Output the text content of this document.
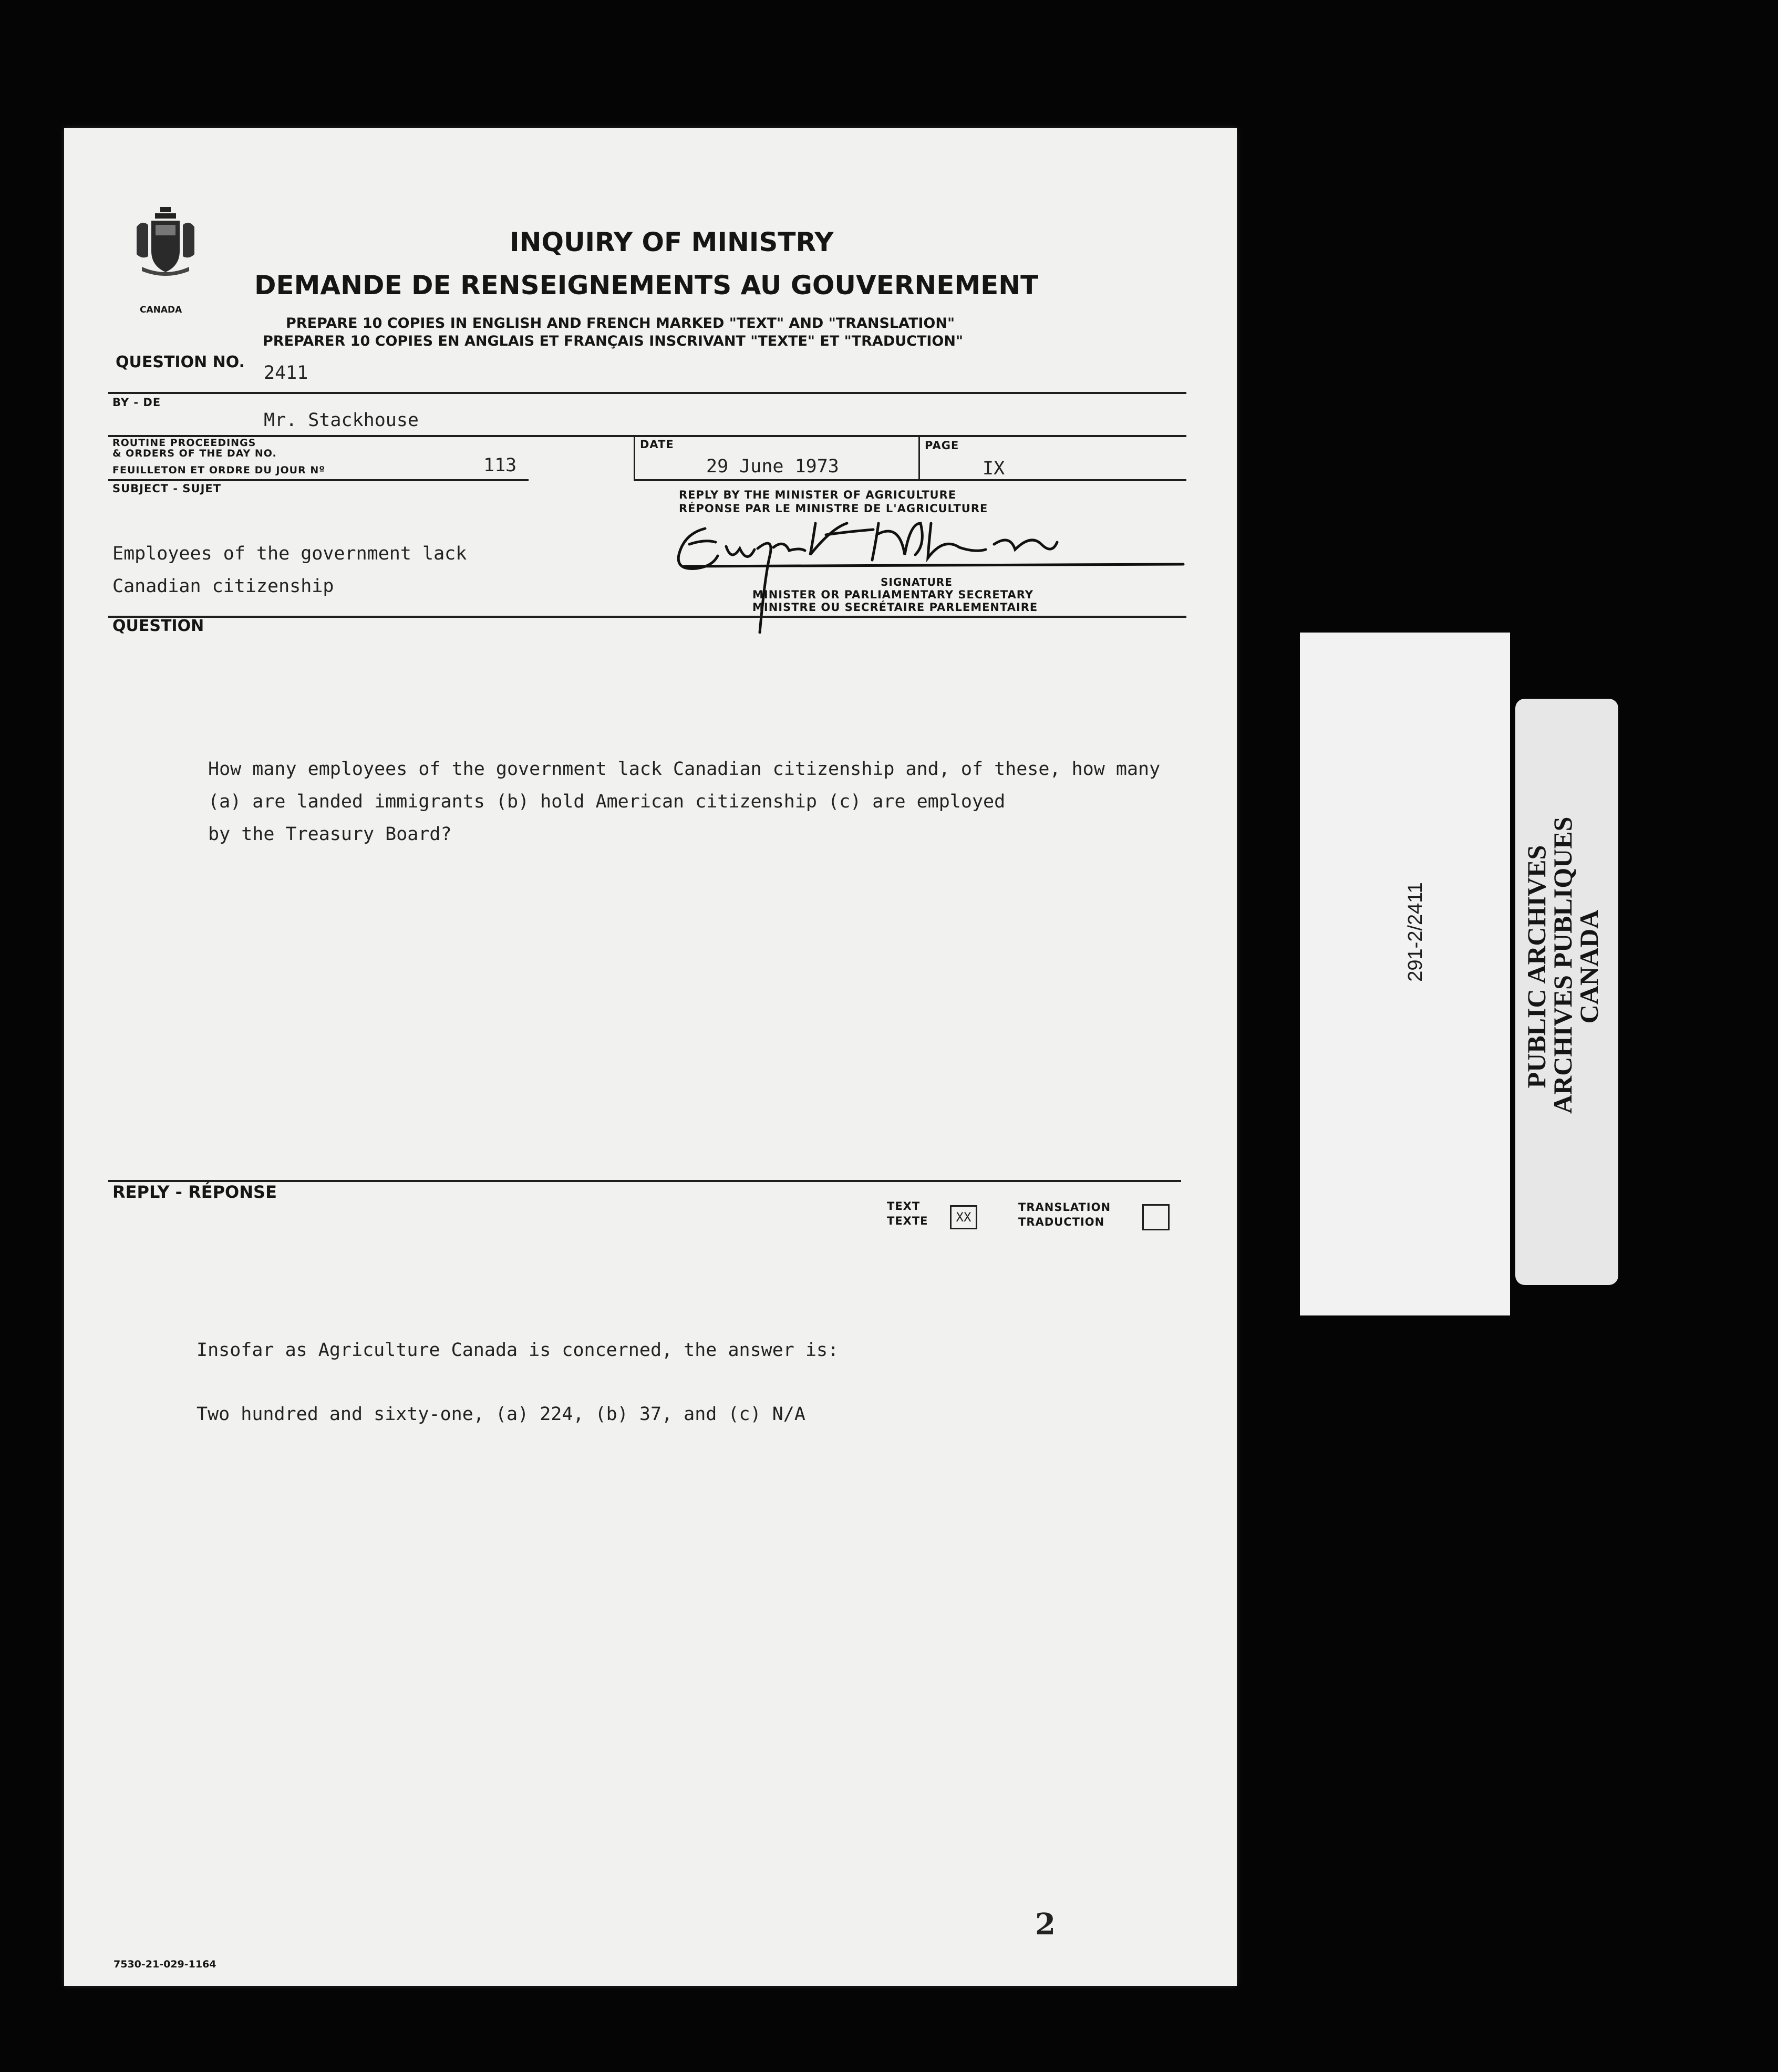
CANADA
INQUIRY OF MINISTRY
DEMANDE DE RENSEIGNEMENTS AU GOUVERNEMENT
PREPARE 10 COPIES IN ENGLISH AND FRENCH MARKED "TEXT" AND "TRANSLATION"
PREPARER 10 COPIES EN ANGLAIS ET FRANÇAIS INSCRIVANT "TEXTE" ET "TRADUCTION"
QUESTION NO.
2411
BY - DE
Mr. Stackhouse
ROUTINE PROCEEDINGS
& ORDERS OF THE DAY NO.
FEUILLETON ET ORDRE DU JOUR Nº	113
DATE
29 June 1973
PAGE
IX
SUBJECT - SUJET
Employees of the government lack
Canadian citizenship
REPLY BY THE MINISTER OF AGRICULTURE
RÉPONSE PAR LE MINISTRE DE L'AGRICULTURE
SIGNATURE
MINISTER OR PARLIAMENTARY SECRETARY
MINISTRE OU SECRÉTAIRE PARLEMENTAIRE
QUESTION
How many employees of the government lack Canadian citizenship and, of these, how many
(a) are landed immigrants (b) hold American citizenship (c) are employed
by the Treasury Board?
REPLY - RÉPONSE
TEXT
TEXTE	XX
TRANSLATION
TRADUCTION
Insofar as Agriculture Canada is concerned, the answer is:
Two hundred and sixty-one, (a) 224, (b) 37, and (c) N/A
2
7530-21-029-1164
291-2/2411	PUBLIC ARCHIVES
ARCHIVES PUBLIQUES
CANADA
